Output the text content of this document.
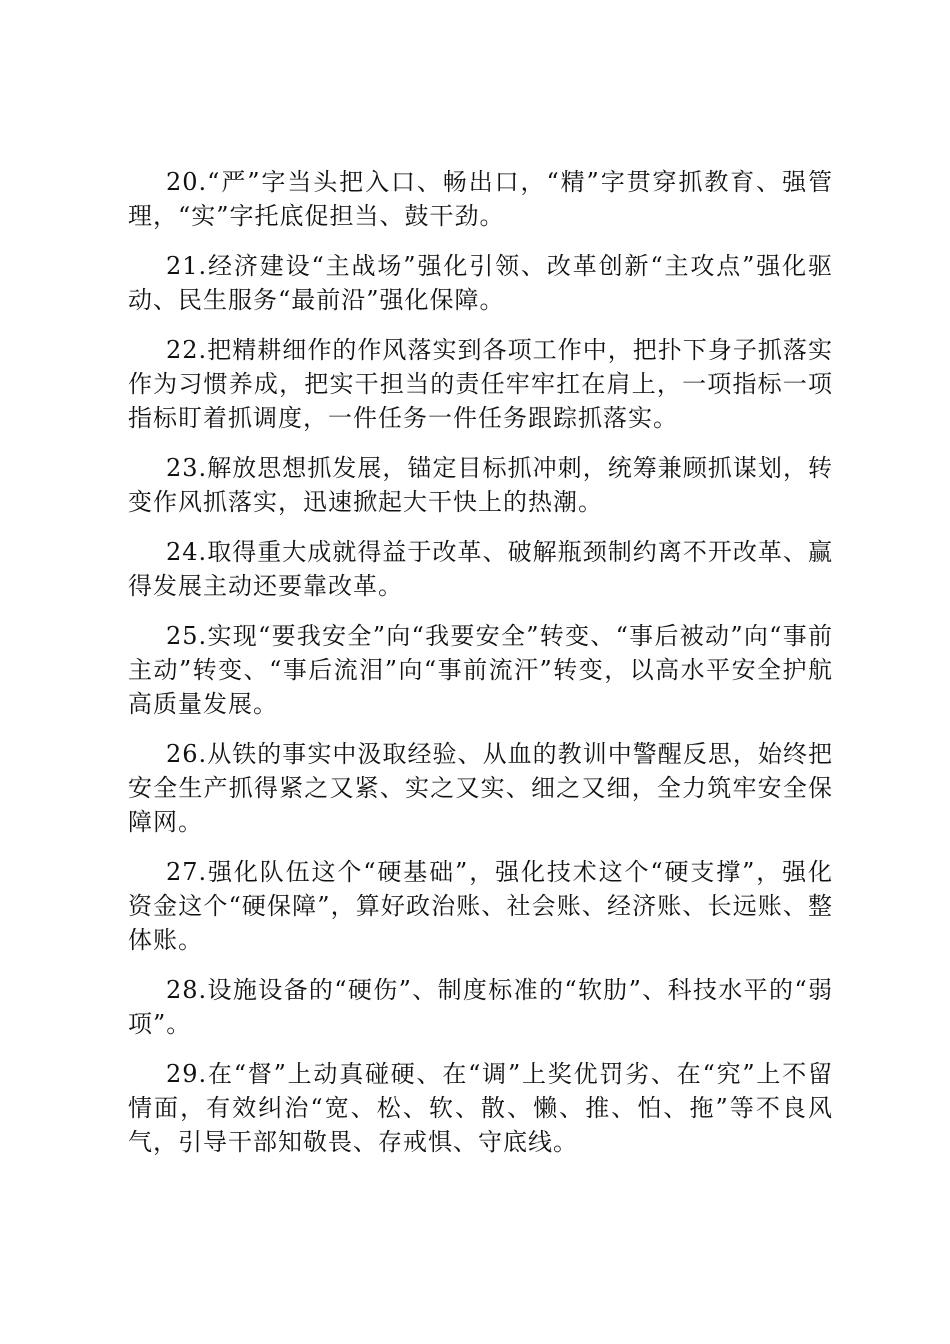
20.“严”字当头把入口、畅出口，“精”字贯穿抓教育、强管理，“实”字托底促担当、鼓干劲。

21.经济建设“主战场”强化引领、改革创新“主攻点”强化驱动、民生服务“最前沿”强化保障。

22.把精耕细作的作风落实到各项工作中，把扑下身子抓落实作为习惯养成，把实干担当的责任牢牢扛在肩上，一项指标一项指标盯着抓调度，一件任务一件任务跟踪抓落实。

23.解放思想抓发展，锚定目标抓冲刺，统筹兼顾抓谋划，转变作风抓落实，迅速掀起大干快上的热潮。

24.取得重大成就得益于改革、破解瓶颈制约离不开改革、赢得发展主动还要靠改革。

25.实现“要我安全”向“我要安全”转变、“事后被动”向“事前主动”转变、“事后流泪”向“事前流汗”转变，以高水平安全护航高质量发展。

26.从铁的事实中汲取经验、从血的教训中警醒反思，始终把安全生产抓得紧之又紧、实之又实、细之又细，全力筑牢安全保障网。

27.强化队伍这个“硬基础”，强化技术这个“硬支撑”，强化资金这个“硬保障”，算好政治账、社会账、经济账、长远账、整体账。

28.设施设备的“硬伤”、制度标准的“软肋”、科技水平的“弱项”。

29.在“督”上动真碰硬、在“调”上奖优罚劣、在“究”上不留情面，有效纠治“宽、松、软、散、懒、推、怕、拖”等不良风气，引导干部知敬畏、存戒惧、守底线。
